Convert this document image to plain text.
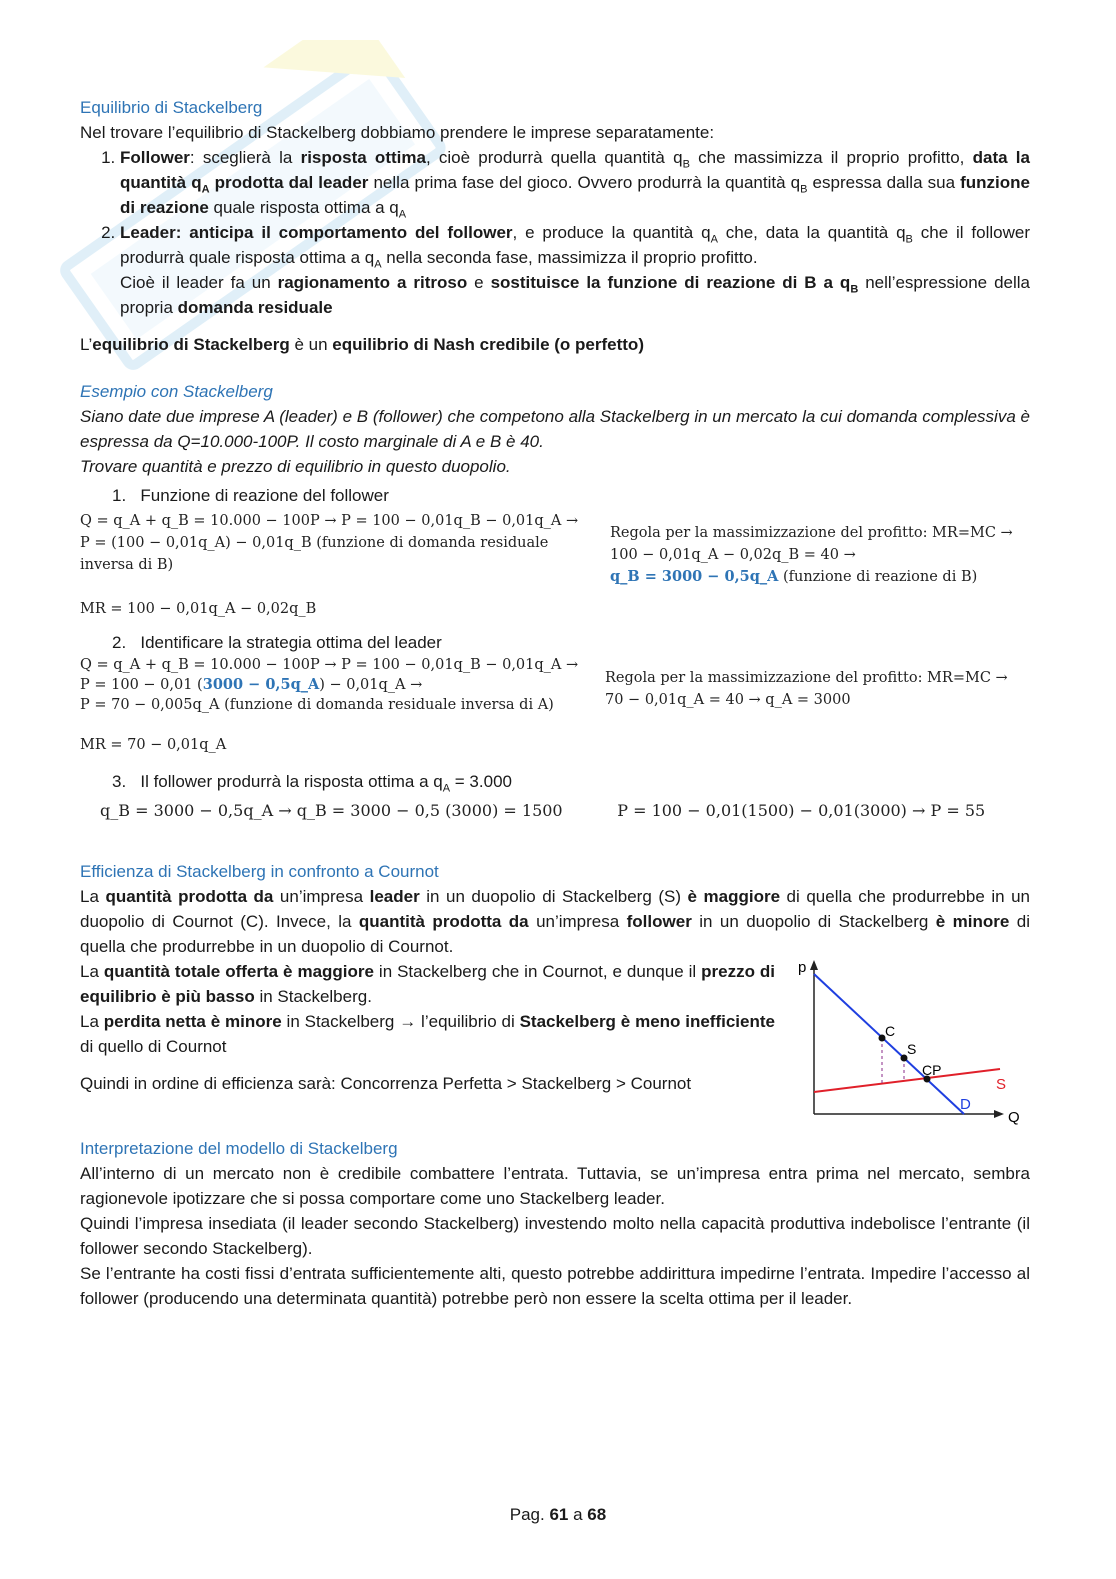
Equilibrio di Stackelberg

Nel trovare l’equilibrio di Stackelberg dobbiamo prendere le imprese separatamente:

1. Follower: sceglierà la risposta ottima, cioè produrrà quella quantità $q_B$ che massimizza il proprio profitto, data la quantità $q_A$ prodotta dal leader nella prima fase del gioco. Ovvero produrrà la quantità $q_B$ espressa dalla sua funzione di reazione quale risposta ottima a $q_A$
2. Leader: anticipa il comportamento del follower, e produce la quantità $q_A$ che, data la quantità $q_B$ che il follower produrrà quale risposta ottima a $q_A$ nella seconda fase, massimizza il proprio profitto.
Cioè il leader fa un ragionamento a ritroso e sostituisce la funzione di reazione di B a $q_B$ nell’espressione della propria domanda residuale

L’equilibrio di Stackelberg è un equilibrio di Nash credibile (o perfetto)

Esempio con Stackelberg

Siano date due imprese A (leader) e B (follower) che competono alla Stackelberg in un mercato la cui domanda complessiva è espressa da Q=10.000-100P. Il costo marginale di A e B è 40.

Trovare quantità e prezzo di equilibrio in questo duopolio.

1. Funzione di reazione del follower

Q = q_A + q_B = 10.000 − 100P → P = 100 − 0,01q_B − 0,01q_A →
P = (100 − 0,01q_A) − 0,01q_B (funzione di domanda residuale inversa di B)
MR = 100 − 0,01q_A − 0,02q_B
Regola per la massimizzazione del profitto: MR=MC →
100 − 0,01q_A − 0,02q_B = 40 →
q_B = 3000 − 0,5q_A (funzione di reazione di B)

2. Identificare la strategia ottima del leader

Q = q_A + q_B = 10.000 − 100P → P = 100 − 0,01q_B − 0,01q_A →
P = 100 − 0,01 (3000 − 0,5q_A) − 0,01q_A →
P = 70 − 0,005q_A (funzione di domanda residuale inversa di A)
MR = 70 − 0,01q_A
Regola per la massimizzazione del profitto: MR=MC →
70 − 0,01q_A = 40 → q_A = 3000

3. Il follower produrrà la risposta ottima a $q_A = 3.000$

q_B = 3000 − 0,5q_A → q_B = 3000 − 0,5 (3000) = 1500	P = 100 − 0,01(1500) − 0,01(3000) → P = 55

Efficienza di Stackelberg in confronto a Cournot

La quantità prodotta da un’impresa leader in un duopolio di Stackelberg (S) è maggiore di quella che produrrebbe in un duopolio di Cournot (C). Invece, la quantità prodotta da un’impresa follower in un duopolio di Stackelberg è minore di quella che produrrebbe in un duopolio di Cournot.

La quantità totale offerta è maggiore in Stackelberg che in Cournot, e dunque il prezzo di equilibrio è più basso in Stackelberg.

La perdita netta è minore in Stackelberg → l’equilibrio di Stackelberg è meno inefficiente di quello di Cournot

Quindi in ordine di efficienza sarà: Concorrenza Perfetta > Stackelberg > Cournot

Interpretazione del modello di Stackelberg

All’interno di un mercato non è credibile combattere l’entrata. Tuttavia, se un’impresa entra prima nel mercato, sembra ragionevole ipotizzare che si possa comportare come uno Stackelberg leader.

Quindi l’impresa insediata (il leader secondo Stackelberg) investendo molto nella capacità produttiva indebolisce l’entrante (il follower secondo Stackelberg).

Se l’entrante ha costi fissi d’entrata sufficientemente alti, questo potrebbe addirittura impedirne l’entrata. Impedire l’accesso al follower (producendo una determinata quantità) potrebbe però non essere la scelta ottima per il leader.

p
Q
C
S
CP
S
D
Pag. 61 a 68
